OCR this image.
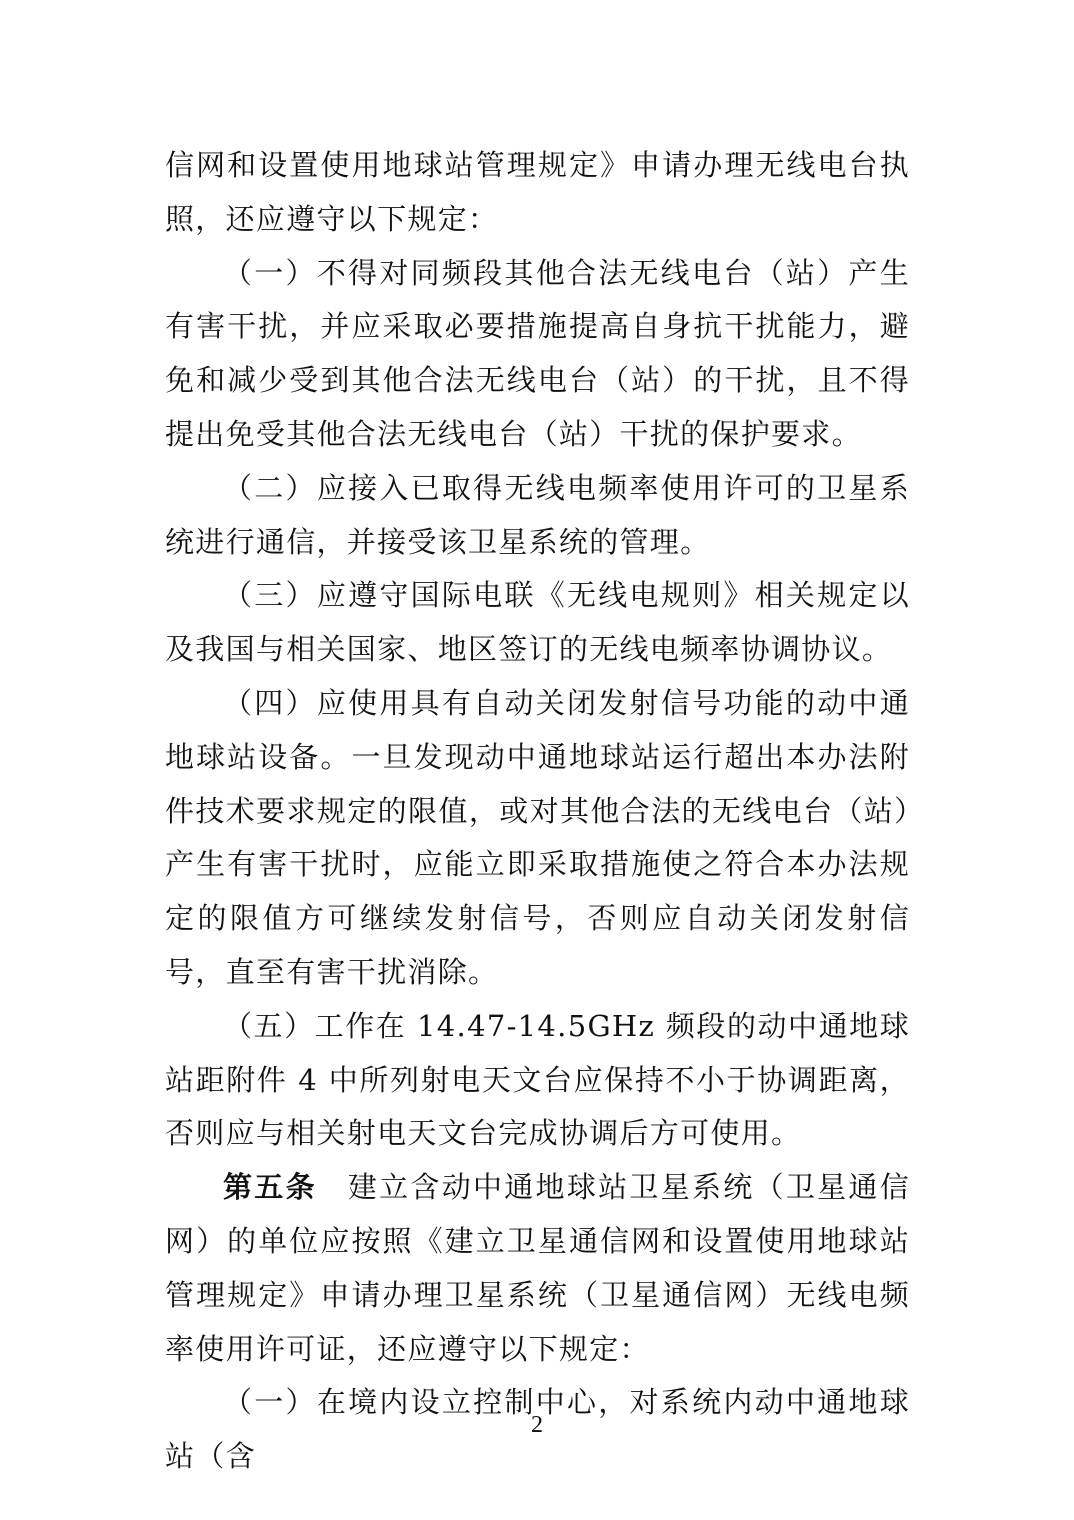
信网和设置使用地球站管理规定》申请办理无线电台执照，还应遵守以下规定：

（一）不得对同频段其他合法无线电台（站）产生有害干扰，并应采取必要措施提高自身抗干扰能力，避免和减少受到其他合法无线电台（站）的干扰，且不得提出免受其他合法无线电台（站）干扰的保护要求。

（二）应接入已取得无线电频率使用许可的卫星系统进行通信，并接受该卫星系统的管理。

（三）应遵守国际电联《无线电规则》相关规定以及我国与相关国家、地区签订的无线电频率协调协议。

（四）应使用具有自动关闭发射信号功能的动中通地球站设备。一旦发现动中通地球站运行超出本办法附件技术要求规定的限值，或对其他合法的无线电台（站）产生有害干扰时，应能立即采取措施使之符合本办法规定的限值方可继续发射信号，否则应自动关闭发射信号，直至有害干扰消除。

（五）工作在 14.47-14.5GHz 频段的动中通地球站距附件 4 中所列射电天文台应保持不小于协调距离，否则应与相关射电天文台完成协调后方可使用。

第五条 建立含动中通地球站卫星系统（卫星通信网）的单位应按照《建立卫星通信网和设置使用地球站管理规定》申请办理卫星系统（卫星通信网）无线电频率使用许可证，还应遵守以下规定：

（一）在境内设立控制中心，对系统内动中通地球站（含

2
